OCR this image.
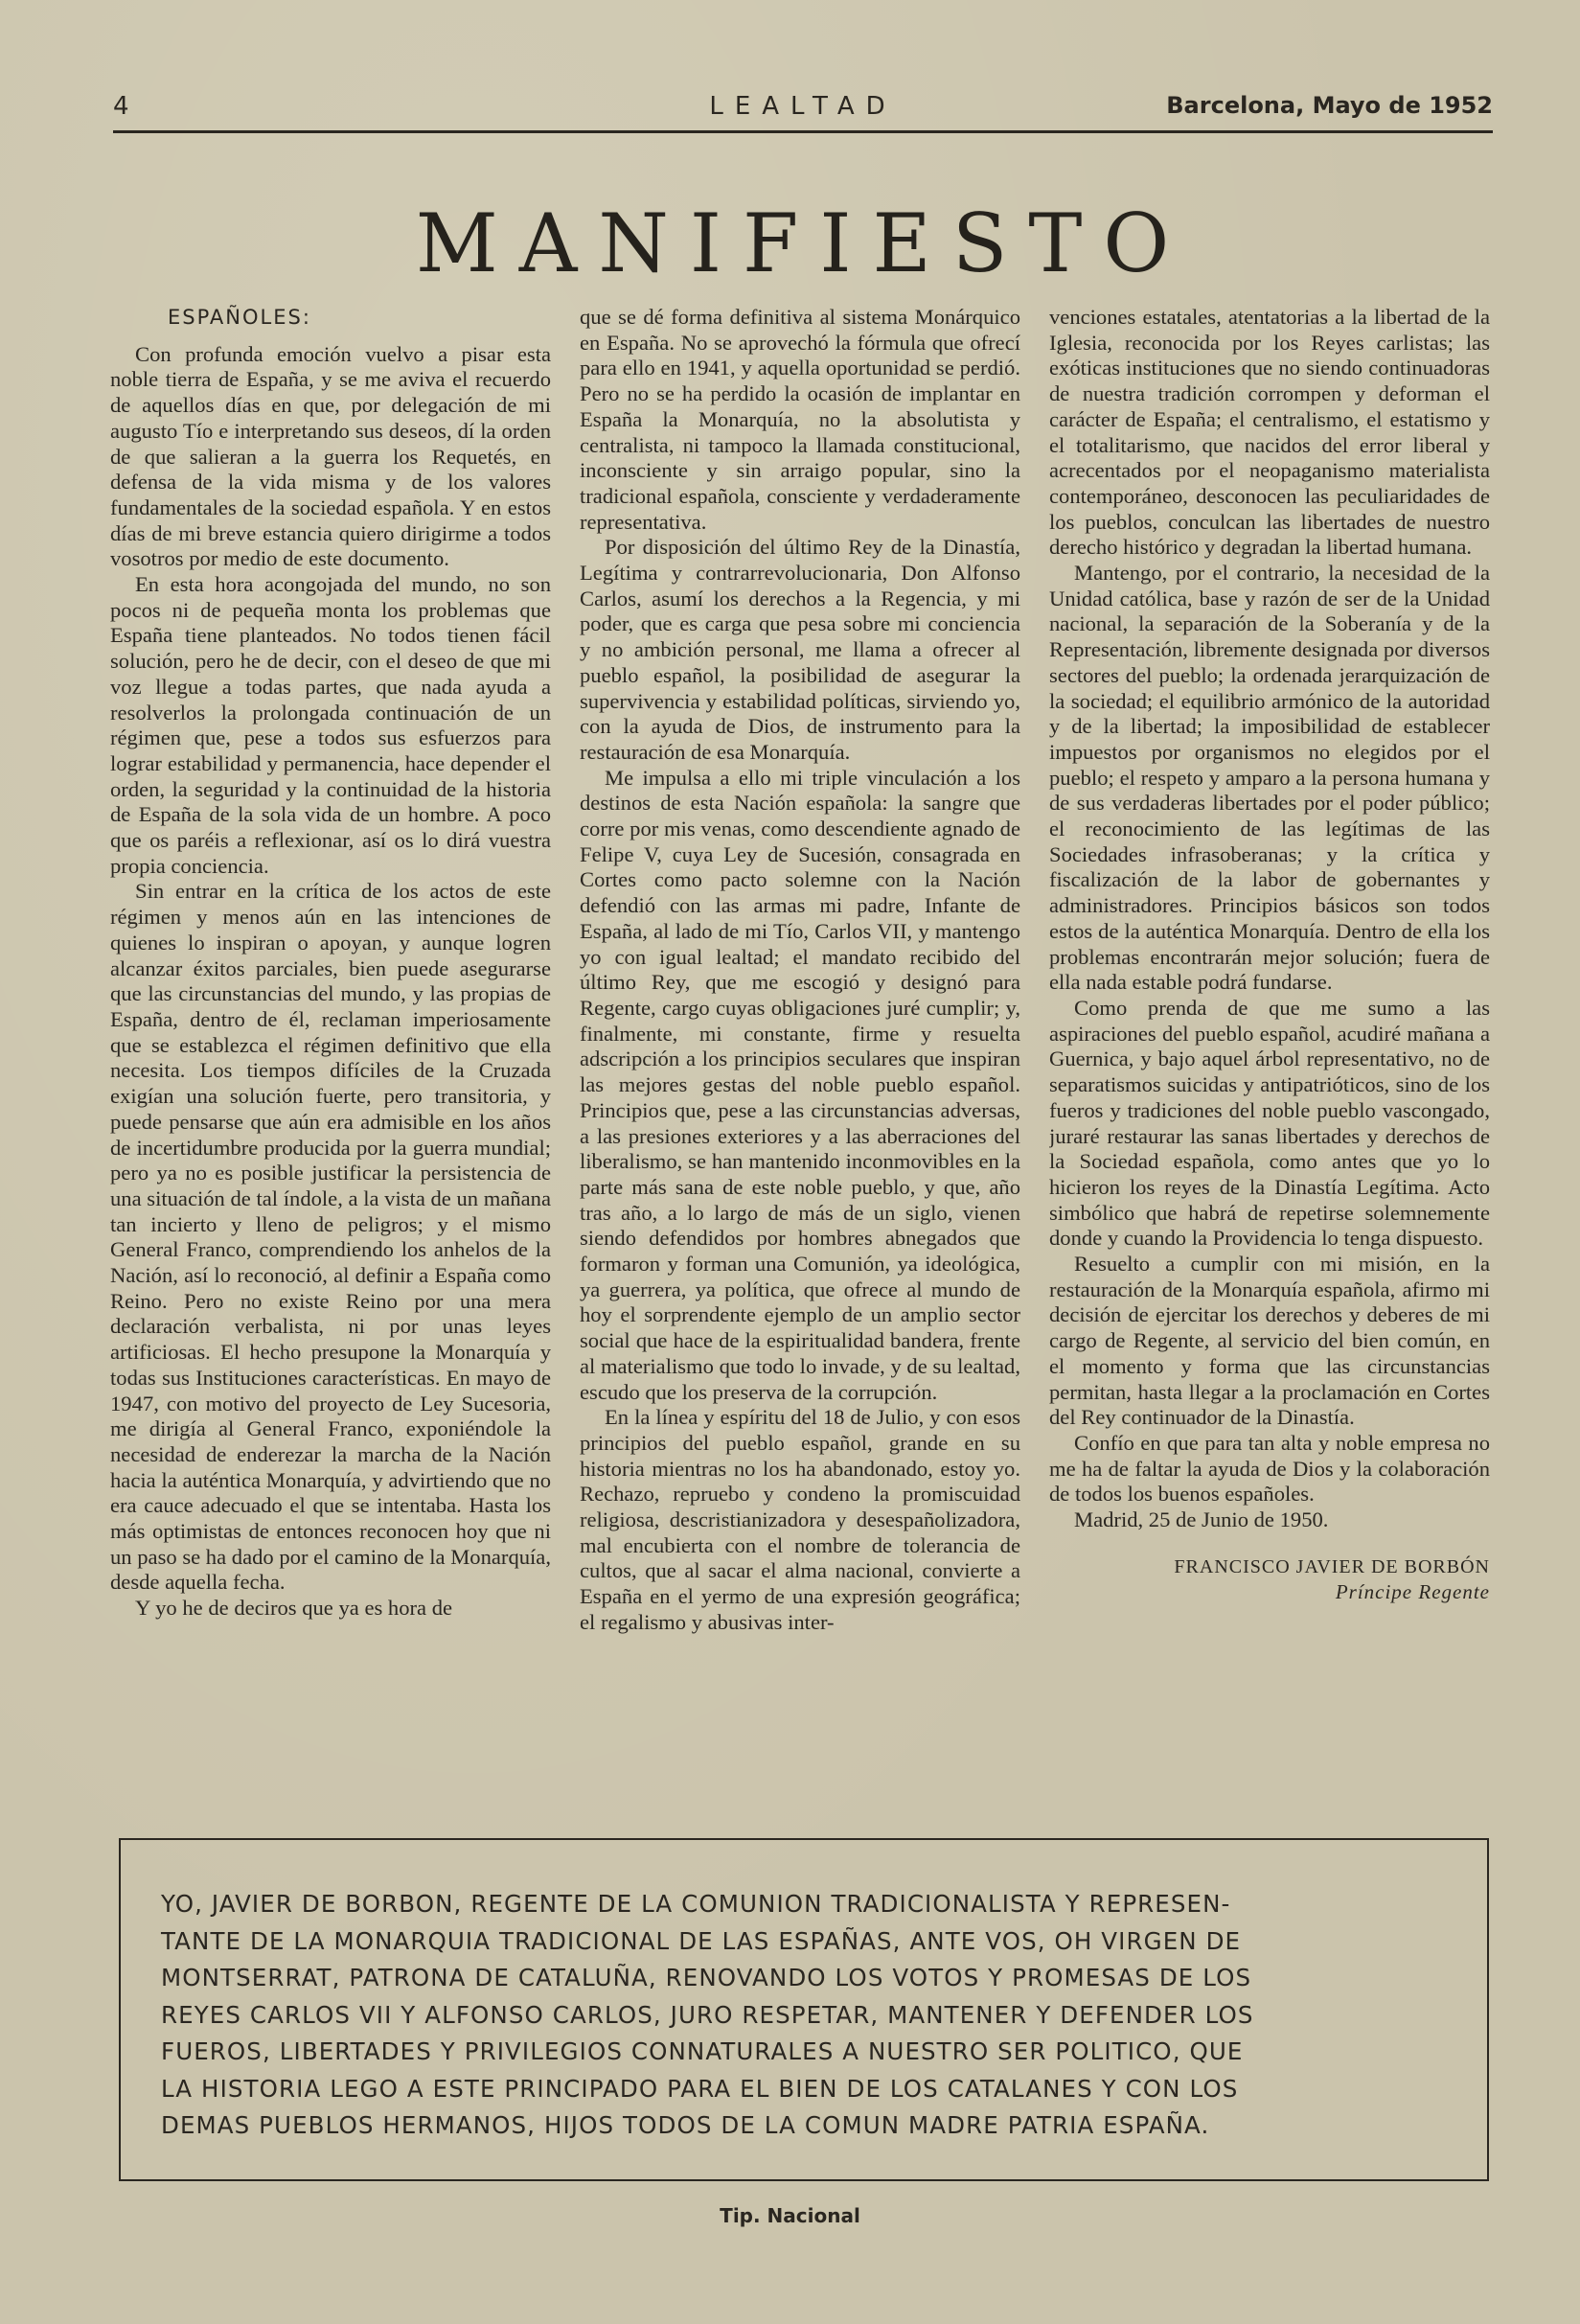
4	LEALTAD	Barcelona, Mayo de 1952
MANIFIESTO

ESPAÑOLES:

Con profunda emoción vuelvo a pisar esta noble tierra de España, y se me aviva el recuerdo de aquellos días en que, por delegación de mi augusto Tío e interpretando sus deseos, dí la orden de que salieran a la guerra los Requetés, en defensa de la vida misma y de los valores fundamentales de la sociedad española. Y en estos días de mi breve estancia quiero dirigirme a todos vosotros por medio de este documento.

En esta hora acongojada del mundo, no son pocos ni de pequeña monta los problemas que España tiene planteados. No todos tienen fácil solución, pero he de decir, con el deseo de que mi voz llegue a todas partes, que nada ayuda a resolverlos la prolongada continuación de un régimen que, pese a todos sus esfuerzos para lograr estabilidad y permanencia, hace depender el orden, la seguridad y la continuidad de la historia de España de la sola vida de un hombre. A poco que os paréis a reflexionar, así os lo dirá vuestra propia conciencia.

Sin entrar en la crítica de los actos de este régimen y menos aún en las intenciones de quienes lo inspiran o apoyan, y aunque logren alcanzar éxitos parciales, bien puede asegurarse que las circunstancias del mundo, y las propias de España, dentro de él, reclaman imperiosamente que se establezca el régimen definitivo que ella necesita. Los tiempos difíciles de la Cruzada exigían una solución fuerte, pero transitoria, y puede pensarse que aún era admisible en los años de incertidumbre producida por la guerra mundial; pero ya no es posible justificar la persistencia de una situación de tal índole, a la vista de un mañana tan incierto y lleno de peligros; y el mismo General Franco, comprendiendo los anhelos de la Nación, así lo reconoció, al definir a España como Reino. Pero no existe Reino por una mera declaración verbalista, ni por unas leyes artificiosas. El hecho presupone la Monarquía y todas sus Instituciones características. En mayo de 1947, con motivo del proyecto de Ley Sucesoria, me dirigía al General Franco, exponiéndole la necesidad de enderezar la marcha de la Nación hacia la auténtica Monarquía, y advirtiendo que no era cauce adecuado el que se intentaba. Hasta los más optimistas de entonces reconocen hoy que ni un paso se ha dado por el camino de la Monarquía, desde aquella fecha.

Y yo he de deciros que ya es hora de

que se dé forma definitiva al sistema Monárquico en España. No se aprovechó la fórmula que ofrecí para ello en 1941, y aquella oportunidad se perdió. Pero no se ha perdido la ocasión de implantar en España la Monarquía, no la absolutista y centralista, ni tampoco la llamada constitucional, inconsciente y sin arraigo popular, sino la tradicional española, consciente y verdaderamente representativa.

Por disposición del último Rey de la Dinastía, Legítima y contrarrevolucionaria, Don Alfonso Carlos, asumí los derechos a la Regencia, y mi poder, que es carga que pesa sobre mi conciencia y no ambición personal, me llama a ofrecer al pueblo español, la posibilidad de asegurar la supervivencia y estabilidad políticas, sirviendo yo, con la ayuda de Dios, de instrumento para la restauración de esa Monarquía.

Me impulsa a ello mi triple vinculación a los destinos de esta Nación española: la sangre que corre por mis venas, como descendiente agnado de Felipe V, cuya Ley de Sucesión, consagrada en Cortes como pacto solemne con la Nación defendió con las armas mi padre, Infante de España, al lado de mi Tío, Carlos VII, y mantengo yo con igual lealtad; el mandato recibido del último Rey, que me escogió y designó para Regente, cargo cuyas obligaciones juré cumplir; y, finalmente, mi constante, firme y resuelta adscripción a los principios seculares que inspiran las mejores gestas del noble pueblo español. Principios que, pese a las circunstancias adversas, a las presiones exteriores y a las aberraciones del liberalismo, se han mantenido inconmovibles en la parte más sana de este noble pueblo, y que, año tras año, a lo largo de más de un siglo, vienen siendo defendidos por hombres abnegados que formaron y forman una Comunión, ya ideológica, ya guerrera, ya política, que ofrece al mundo de hoy el sorprendente ejemplo de un amplio sector social que hace de la espiritualidad bandera, frente al materialismo que todo lo invade, y de su lealtad, escudo que los preserva de la corrupción.

En la línea y espíritu del 18 de Julio, y con esos principios del pueblo español, grande en su historia mientras no los ha abandonado, estoy yo. Rechazo, repruebo y condeno la promiscuidad religiosa, descristianizadora y desespañolizadora, mal encubierta con el nombre de tolerancia de cultos, que al sacar el alma nacional, convierte a España en el yermo de una expresión geográfica; el regalismo y abusivas inter-

venciones estatales, atentatorias a la libertad de la Iglesia, reconocida por los Reyes carlistas; las exóticas instituciones que no siendo continuadoras de nuestra tradición corrompen y deforman el carácter de España; el centralismo, el estatismo y el totalitarismo, que nacidos del error liberal y acrecentados por el neopaganismo materialista contemporáneo, desconocen las peculiaridades de los pueblos, conculcan las libertades de nuestro derecho histórico y degradan la libertad humana.

Mantengo, por el contrario, la necesidad de la Unidad católica, base y razón de ser de la Unidad nacional, la separación de la Soberanía y de la Representación, libremente designada por diversos sectores del pueblo; la ordenada jerarquización de la sociedad; el equilibrio armónico de la autoridad y de la libertad; la imposibilidad de establecer impuestos por organismos no elegidos por el pueblo; el respeto y amparo a la persona humana y de sus verdaderas libertades por el poder público; el reconocimiento de las legítimas de las Sociedades infrasoberanas; y la crítica y fiscalización de la labor de gobernantes y administradores. Principios básicos son todos estos de la auténtica Monarquía. Dentro de ella los problemas encontrarán mejor solución; fuera de ella nada estable podrá fundarse.

Como prenda de que me sumo a las aspiraciones del pueblo español, acudiré mañana a Guernica, y bajo aquel árbol representativo, no de separatismos suicidas y antipatrióticos, sino de los fueros y tradiciones del noble pueblo vascongado, juraré restaurar las sanas libertades y derechos de la Sociedad española, como antes que yo lo hicieron los reyes de la Dinastía Legítima. Acto simbólico que habrá de repetirse solemnemente donde y cuando la Providencia lo tenga dispuesto.

Resuelto a cumplir con mi misión, en la restauración de la Monarquía española, afirmo mi decisión de ejercitar los derechos y deberes de mi cargo de Regente, al servicio del bien común, en el momento y forma que las circunstancias permitan, hasta llegar a la proclamación en Cortes del Rey continuador de la Dinastía.

Confío en que para tan alta y noble empresa no me ha de faltar la ayuda de Dios y la colaboración de todos los buenos españoles.

Madrid, 25 de Junio de 1950.

FRANCISCO JAVIER DE BORBÓN
Príncipe Regente
YO, JAVIER DE BORBON, REGENTE DE LA COMUNION TRADICIONALISTA Y REPRESEN-
TANTE DE LA MONARQUIA TRADICIONAL DE LAS ESPAÑAS, ANTE VOS, OH VIRGEN DE
MONTSERRAT, PATRONA DE CATALUÑA, RENOVANDO LOS VOTOS Y PROMESAS DE LOS
REYES CARLOS VII Y ALFONSO CARLOS, JURO RESPETAR, MANTENER Y DEFENDER LOS
FUEROS, LIBERTADES Y PRIVILEGIOS CONNATURALES A NUESTRO SER POLITICO, QUE
LA HISTORIA LEGO A ESTE PRINCIPADO PARA EL BIEN DE LOS CATALANES Y CON LOS
DEMAS PUEBLOS HERMANOS, HIJOS TODOS DE LA COMUN MADRE PATRIA ESPAÑA.
Tip. Nacional
